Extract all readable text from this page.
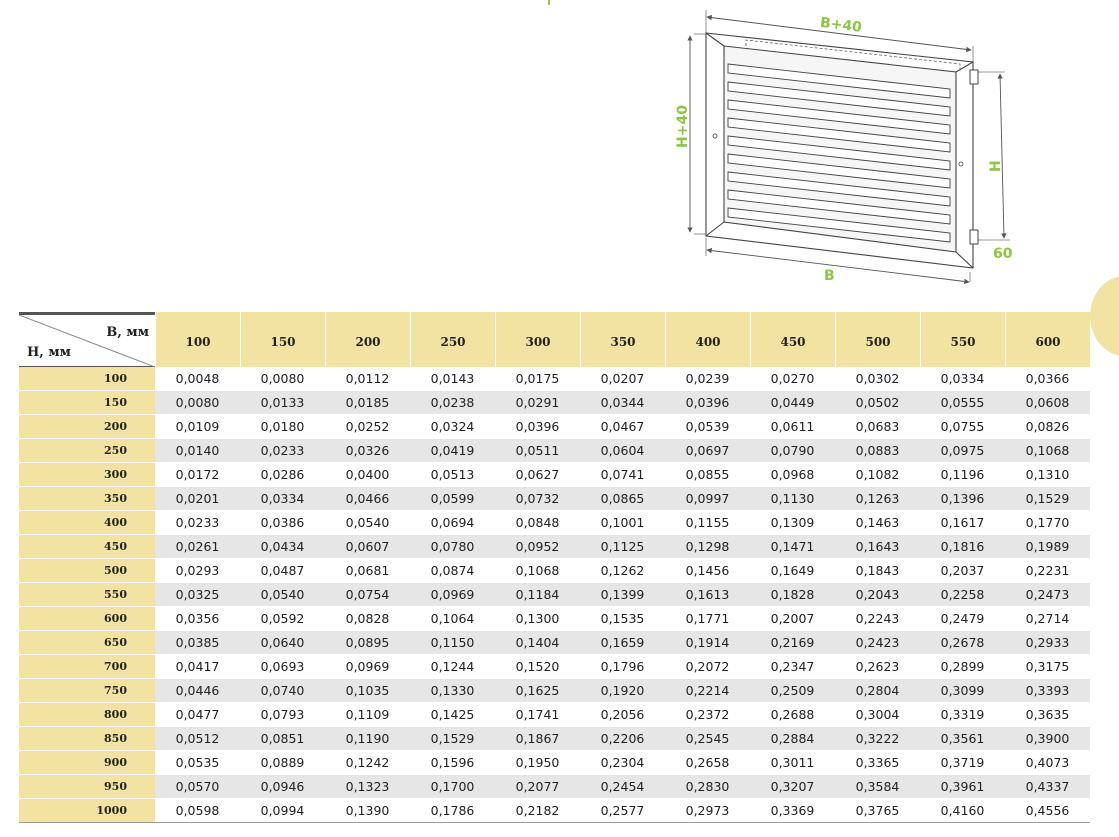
B+40
H+40
H
60
B
B, мм
H, мм	100	150	200	250	300	350	400	450	500	550	600
100	0,0048	0,0080	0,0112	0,0143	0,0175	0,0207	0,0239	0,0270	0,0302	0,0334	0,0366
150	0,0080	0,0133	0,0185	0,0238	0,0291	0,0344	0,0396	0,0449	0,0502	0,0555	0,0608
200	0,0109	0,0180	0,0252	0,0324	0,0396	0,0467	0,0539	0,0611	0,0683	0,0755	0,0826
250	0,0140	0,0233	0,0326	0,0419	0,0511	0,0604	0,0697	0,0790	0,0883	0,0975	0,1068
300	0,0172	0,0286	0,0400	0,0513	0,0627	0,0741	0,0855	0,0968	0,1082	0,1196	0,1310
350	0,0201	0,0334	0,0466	0,0599	0,0732	0,0865	0,0997	0,1130	0,1263	0,1396	0,1529
400	0,0233	0,0386	0,0540	0,0694	0,0848	0,1001	0,1155	0,1309	0,1463	0,1617	0,1770
450	0,0261	0,0434	0,0607	0,0780	0,0952	0,1125	0,1298	0,1471	0,1643	0,1816	0,1989
500	0,0293	0,0487	0,0681	0,0874	0,1068	0,1262	0,1456	0,1649	0,1843	0,2037	0,2231
550	0,0325	0,0540	0,0754	0,0969	0,1184	0,1399	0,1613	0,1828	0,2043	0,2258	0,2473
600	0,0356	0,0592	0,0828	0,1064	0,1300	0,1535	0,1771	0,2007	0,2243	0,2479	0,2714
650	0,0385	0,0640	0,0895	0,1150	0,1404	0,1659	0,1914	0,2169	0,2423	0,2678	0,2933
700	0,0417	0,0693	0,0969	0,1244	0,1520	0,1796	0,2072	0,2347	0,2623	0,2899	0,3175
750	0,0446	0,0740	0,1035	0,1330	0,1625	0,1920	0,2214	0,2509	0,2804	0,3099	0,3393
800	0,0477	0,0793	0,1109	0,1425	0,1741	0,2056	0,2372	0,2688	0,3004	0,3319	0,3635
850	0,0512	0,0851	0,1190	0,1529	0,1867	0,2206	0,2545	0,2884	0,3222	0,3561	0,3900
900	0,0535	0,0889	0,1242	0,1596	0,1950	0,2304	0,2658	0,3011	0,3365	0,3719	0,4073
950	0,0570	0,0946	0,1323	0,1700	0,2077	0,2454	0,2830	0,3207	0,3584	0,3961	0,4337
1000	0,0598	0,0994	0,1390	0,1786	0,2182	0,2577	0,2973	0,3369	0,3765	0,4160	0,4556
